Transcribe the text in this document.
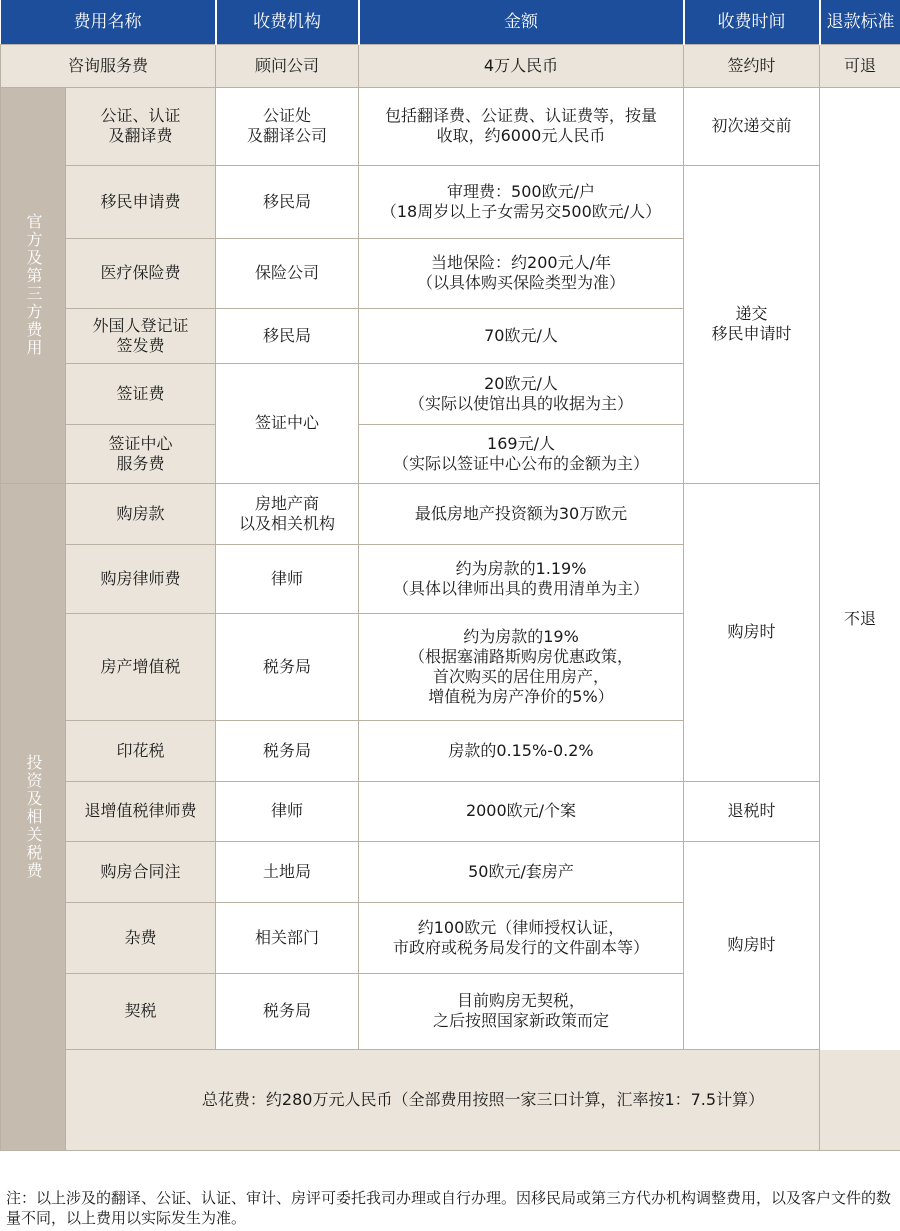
费用名称		收费机构	金额	收费时间	退款标准
咨询服务费		顾问公司	4万人民币	签约时	可退
官方及第三方费用	公证、认证
及翻译费	公证处
及翻译公司	包括翻译费、公证费、认证费等，按量
收取，约6000元人民币	初次递交前	不退
	移民申请费	移民局	审理费：500欧元/户
（18周岁以上子女需另交500欧元/人）	递交
移民申请时	
	医疗保险费	保险公司	当地保险：约200元人/年
（以具体购买保险类型为准）		
	外国人登记证
签发费	移民局	70欧元/人		
	签证费	签证中心	20欧元/人
（实际以使馆出具的收据为主）		
	签证中心
服务费		169元/人
（实际以签证中心公布的金额为主）		
投资及相关税费	购房款	房地产商
以及相关机构	最低房地产投资额为30万欧元	购房时	
	购房律师费	律师	约为房款的1.19%
（具体以律师出具的费用清单为主）		
	房产增值税	税务局	约为房款的19%
（根据塞浦路斯购房优惠政策，
首次购买的居住用房产，
增值税为房产净价的5%）		
	印花税	税务局	房款的0.15%-0.2%		
	退增值税律师费	律师	2000欧元/个案	退税时	
	购房合同注	土地局	50欧元/套房产	购房时	
	杂费	相关部门	约100欧元（律师授权认证，
市政府或税务局发行的文件副本等）		
	契税	税务局	目前购房无契税，
之后按照国家新政策而定		
	总花费：约280万元人民币（全部费用按照一家三口计算，汇率按1：7.5计算）				

注：以上涉及的翻译、公证、认证、审计、房评可委托我司办理或自行办理。因移民局或第三方代办机构调整费用，以及客户文件的数量不同，以上费用以实际发生为准。
